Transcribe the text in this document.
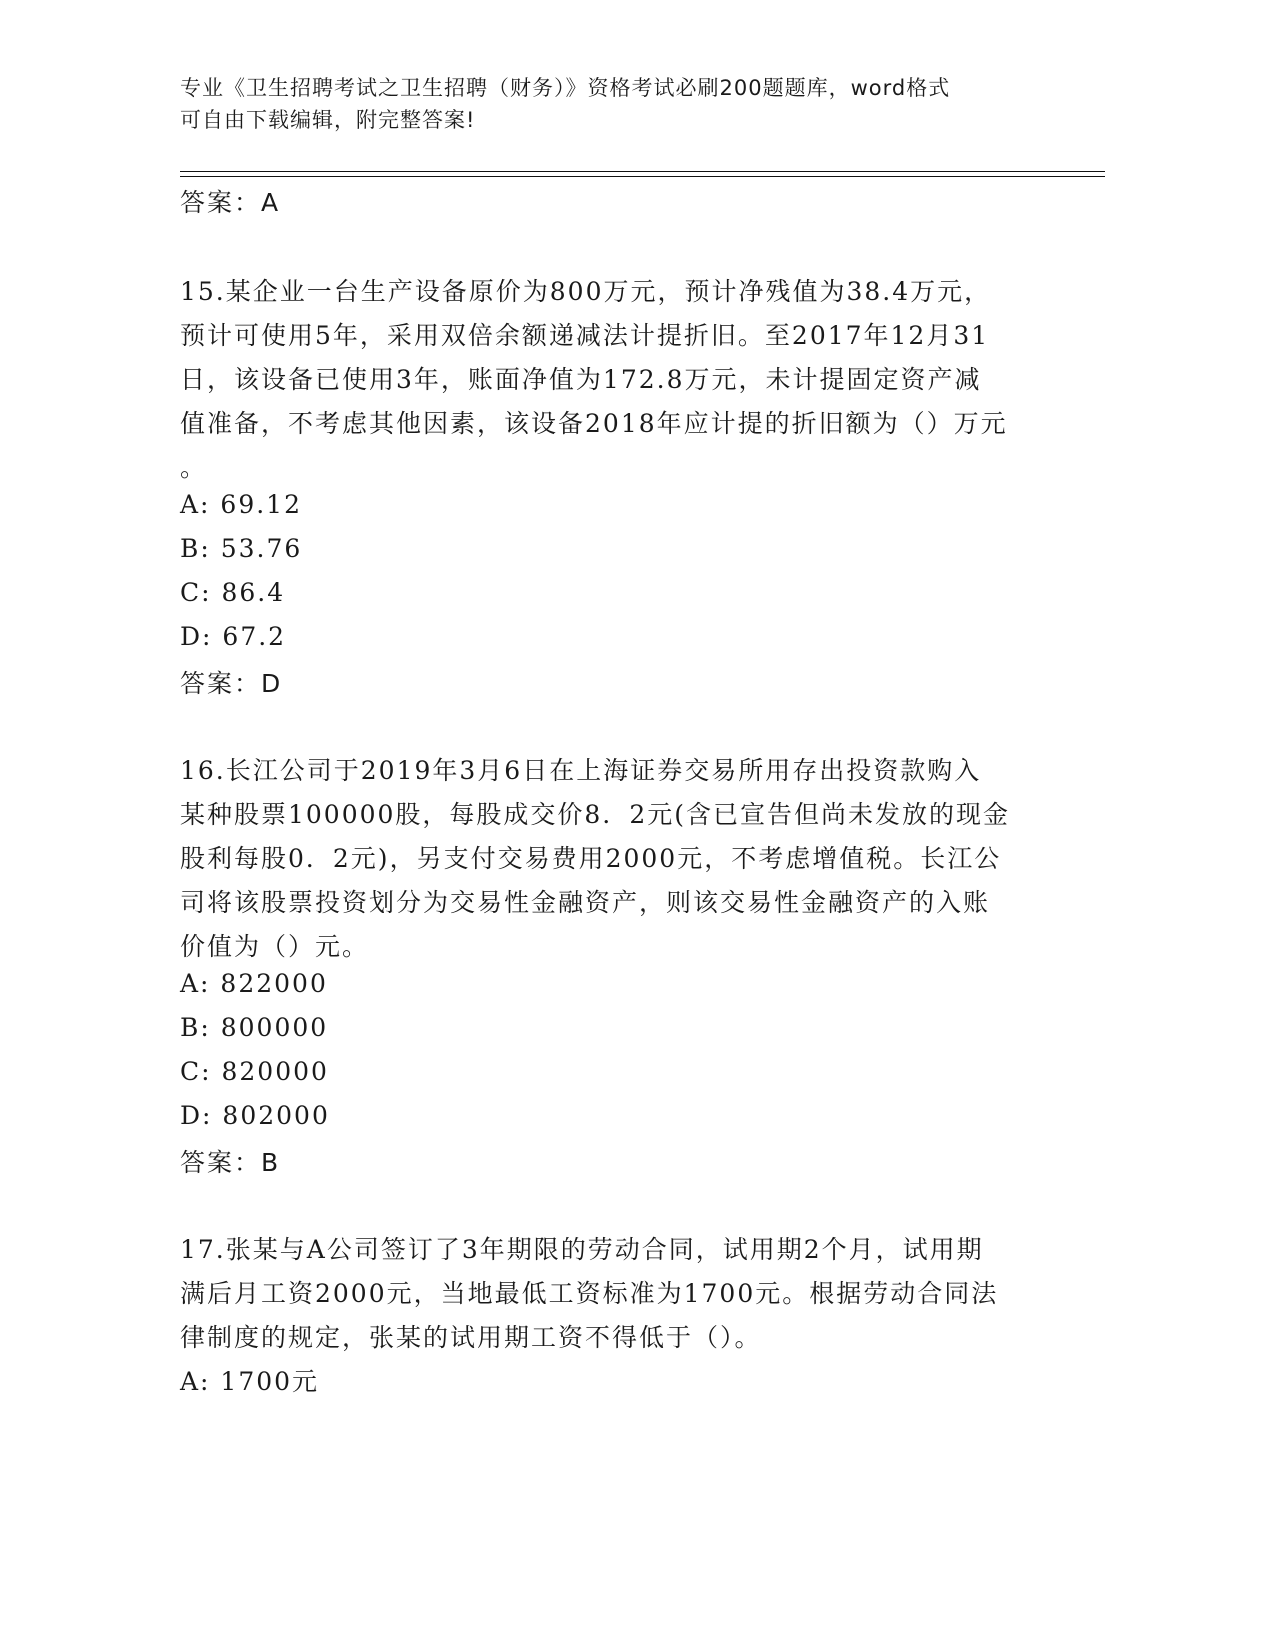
专业《卫生招聘考试之卫生招聘（财务）》资格考试必刷200题题库，word格式
可自由下载编辑，附完整答案!
答案：A
15.某企业一台生产设备原价为800万元，预计净残值为38.4万元，
预计可使用5年，采用双倍余额递减法计提折旧。至2017年12月31
日，该设备已使用3年，账面净值为172.8万元，未计提固定资产减
值准备，不考虑其他因素，该设备2018年应计提的折旧额为（）万元
。
A: 69.12
B: 53.76
C: 86.4
D: 67.2
答案：D
16.长江公司于2019年3月6日在上海证券交易所用存出投资款购入
某种股票100000股，每股成交价8．2元(含已宣告但尚未发放的现金
股利每股0．2元)，另支付交易费用2000元，不考虑增值税。长江公
司将该股票投资划分为交易性金融资产，则该交易性金融资产的入账
价值为（）元。
A: 822000
B: 800000
C: 820000
D: 802000
答案：B
17.张某与A公司签订了3年期限的劳动合同，试用期2个月，试用期
满后月工资2000元，当地最低工资标准为1700元。根据劳动合同法
律制度的规定，张某的试用期工资不得低于（）。
A: 1700元
